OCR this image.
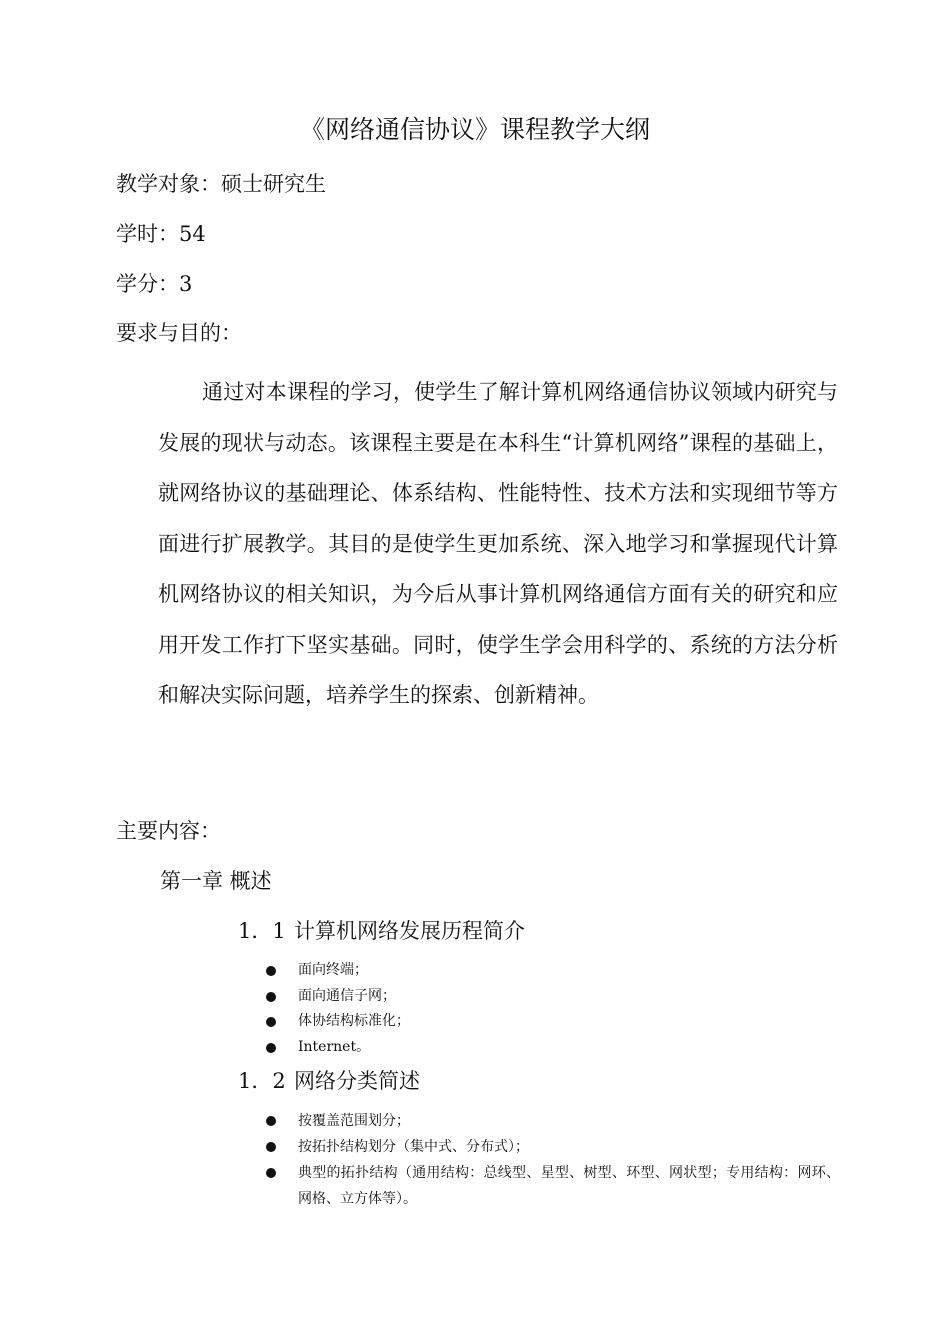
《网络通信协议》课程教学大纲
教学对象：硕士研究生
学时：54
学分：3
要求与目的：
通过对本课程的学习，使学生了解计算机网络通信协议领域内研究与发展的现状与动态。该课程主要是在本科生“计算机网络”课程的基础上，就网络协议的基础理论、体系结构、性能特性、技术方法和实现细节等方面进行扩展教学。其目的是使学生更加系统、深入地学习和掌握现代计算机网络协议的相关知识，为今后从事计算机网络通信方面有关的研究和应用开发工作打下坚实基础。同时，使学生学会用科学的、系统的方法分析和解决实际问题，培养学生的探索、创新精神。
主要内容：
第一章 概述
1．1 计算机网络发展历程简介
面向终端；
面向通信子网；
体协结构标准化；
Internet。
1．2 网络分类简述
按覆盖范围划分；
按拓扑结构划分（集中式、分布式）；
典型的拓扑结构（通用结构：总线型、星型、树型、环型、网状型；专用结构：网环、网格、立方体等）。
